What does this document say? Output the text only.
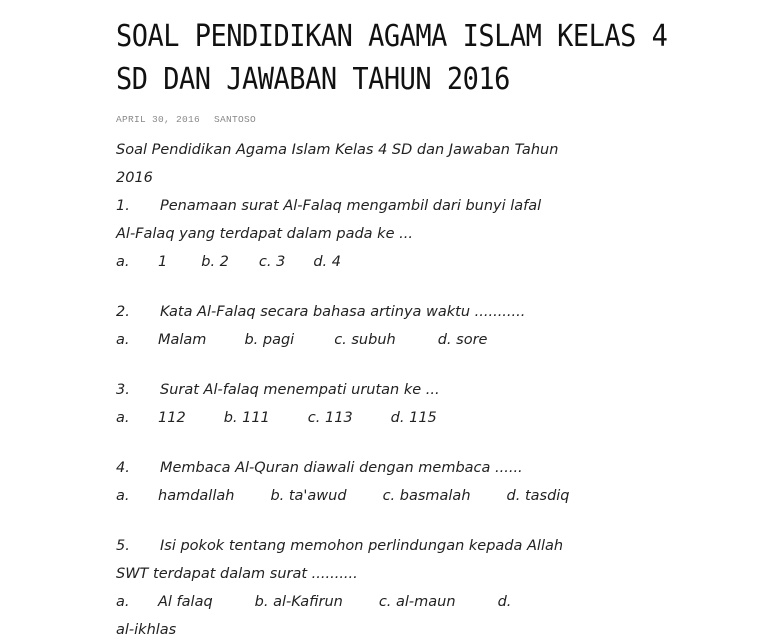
SOAL PENDIDIKAN AGAMA ISLAM KELAS 4
SD DAN JAWABAN TAHUN 2016
APRIL 30, 2016 SANTOSO

Soal Pendidikan Agama Islam Kelas 4 SD dan Jawaban Tahun
2016

1.	Penamaan surat Al-Falaq mengambil dari bunyi lafal
Al-Falaq yang terdapat dalam pada ke ...
a.	1 b. 2 c. 3 d. 4
2.	Kata Al-Falaq secara bahasa artinya waktu ...........
a.	Malam	b. pagi	c. subuh	d. sore
3.	Surat Al-falaq menempati urutan ke ...
a.	112	b. 111	c. 113	d. 115
4.	Membaca Al-Quran diawali dengan membaca ......
a.	hamdallah b. ta'awud c. basmalah d. tasdiq
5.	Isi pokok tentang memohon perlindungan kepada Allah
SWT terdapat dalam surat ..........
a.	Al falaq	b. al-Kafirun c. al-maun	d.
al-ikhlas
